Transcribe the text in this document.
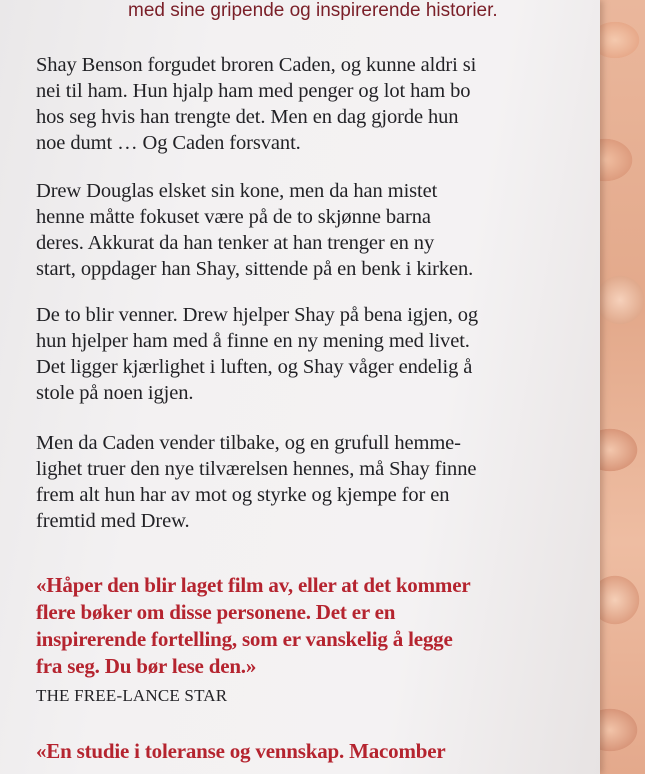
med sine gripende og inspirerende historier.

Shay Benson forgudet broren Caden, og kunne aldri si
nei til ham. Hun hjalp ham med penger og lot ham bo
hos seg hvis han trengte det. Men en dag gjorde hun
noe dumt … Og Caden forsvant.

Drew Douglas elsket sin kone, men da han mistet
henne måtte fokuset være på de to skjønne barna
deres. Akkurat da han tenker at han trenger en ny
start, oppdager han Shay, sittende på en benk i kirken.

De to blir venner. Drew hjelper Shay på bena igjen, og
hun hjelper ham med å finne en ny mening med livet.
Det ligger kjærlighet i luften, og Shay våger endelig å
stole på noen igjen.

Men da Caden vender tilbake, og en grufull hemme-
lighet truer den nye tilværelsen hennes, må Shay finne
frem alt hun har av mot og styrke og kjempe for en
fremtid med Drew.

«Håper den blir laget film av, eller at det kommer
flere bøker om disse personene. Det er en
inspirerende fortelling, som er vanskelig å legge
fra seg. Du bør lese den.»

THE FREE-LANCE STAR

«En studie i toleranse og vennskap. Macomber
